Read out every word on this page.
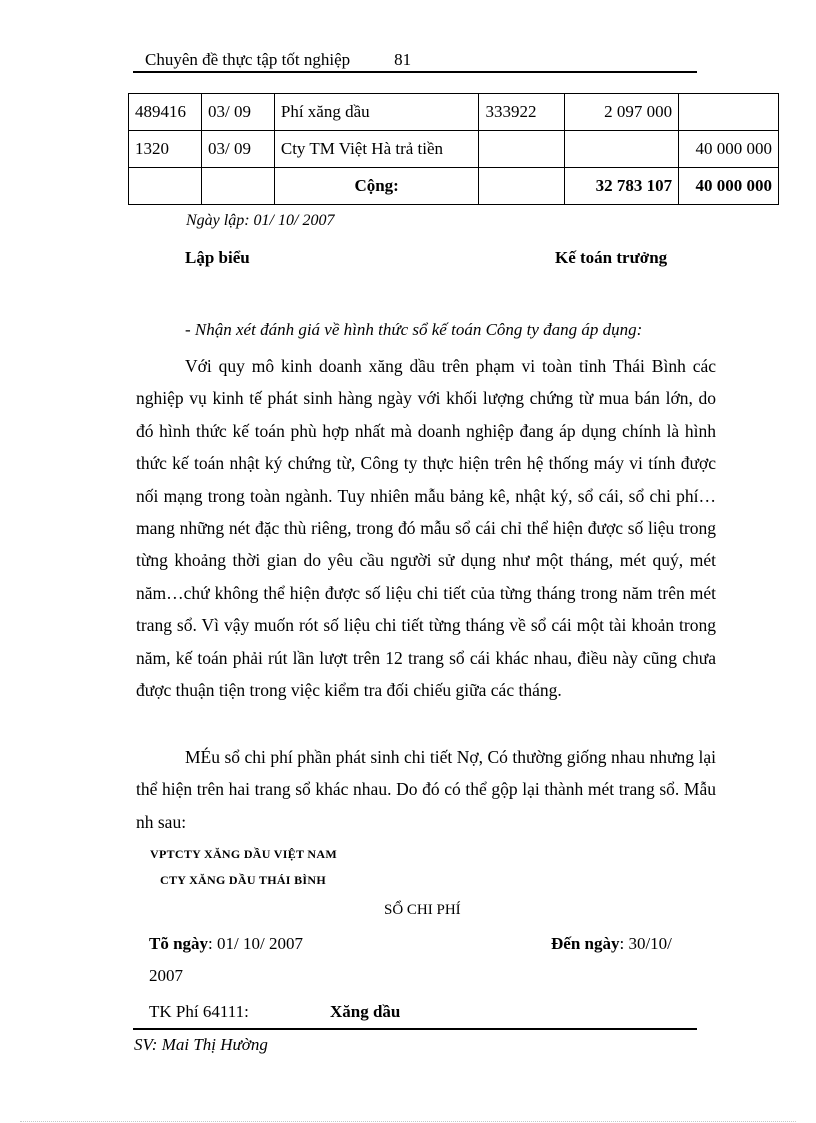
Chuyên đề thực tập tốt nghiệp	81
489416	03/ 09	Phí xăng dầu	333922	2 097 000	
1320	03/ 09	Cty TM Việt Hà trả tiền			40 000 000
		Cộng:		32 783 107	40 000 000
Ngày lập: 01/ 10/ 2007
Lập biểu	Kế toán trưởng
- Nhận xét đánh giá về hình thức sổ kế toán Công ty đang áp dụng:
Với quy mô kinh doanh xăng dầu trên phạm vi toàn tỉnh Thái Bình các nghiệp vụ kinh tế phát sinh hàng ngày với khối lượng chứng từ mua bán lớn, do đó hình thức kế toán phù hợp nhất mà doanh nghiệp đang áp dụng chính là hình thức kế toán nhật ký chứng từ, Công ty thực hiện trên hệ thống máy vi tính được nối mạng trong toàn ngành. Tuy nhiên mẫu bảng kê, nhật ký, sổ cái, sổ chi phí…mang những nét đặc thù riêng, trong đó mẫu sổ cái chỉ thể hiện được số liệu trong từng khoảng thời gian do yêu cầu người sử dụng như một tháng, mét quý, mét năm…chứ không thể hiện được số liệu chi tiết của từng tháng trong năm trên mét trang sổ. Vì vậy muốn rót số liệu chi tiết từng tháng về sổ cái một tài khoản trong năm, kế toán phải rút lần lượt trên 12 trang sổ cái khác nhau, điều này cũng chưa được thuận tiện trong việc kiểm tra đối chiếu giữa các tháng.
MÉu sổ chi phí phần phát sinh chi tiết Nợ, Có thường giống nhau nhưng lại thể hiện trên hai trang sổ khác nhau. Do đó có thể gộp lại thành mét trang sổ. Mẫu nh sau:
VPTCTY XĂNG DẦU VIỆT NAM
CTY XĂNG DẦU THÁI BÌNH
SỔ CHI PHÍ
Tõ ngày: 01/ 10/ 2007	Đến ngày: 30/10/
2007
TK Phí 64111:	Xăng dầu
SV: Mai Thị Hường
